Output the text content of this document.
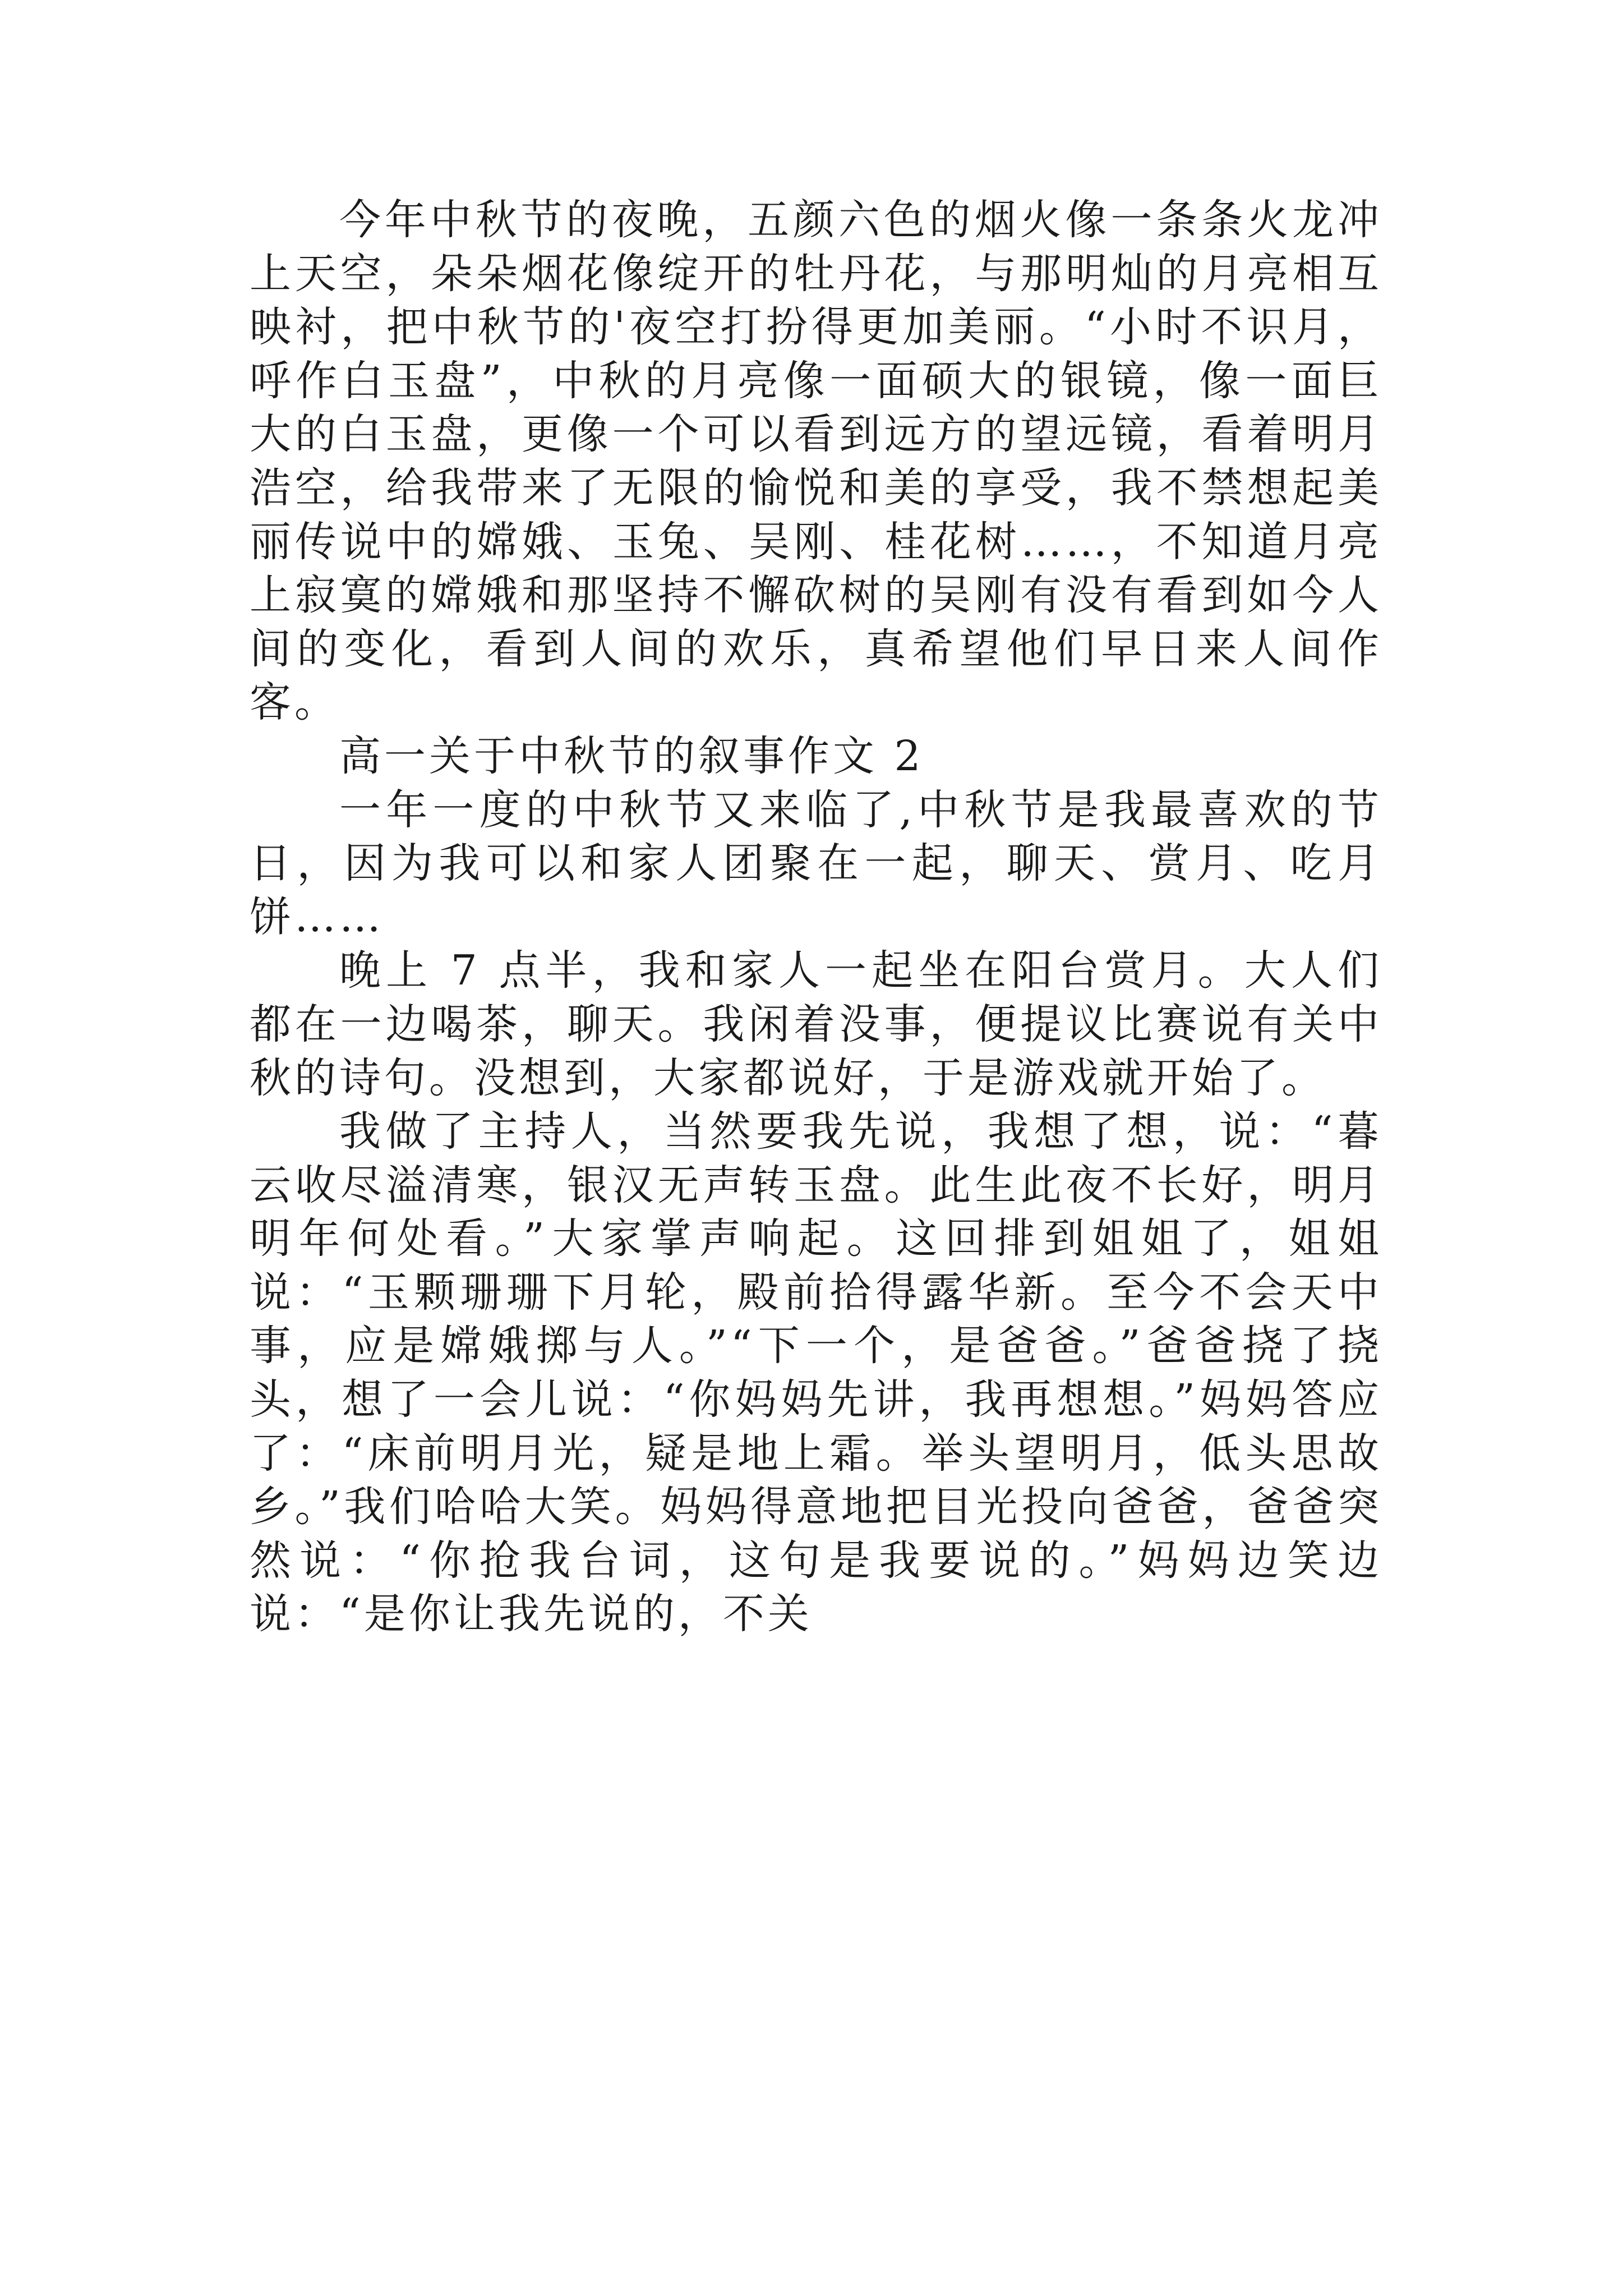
今年中秋节的夜晚，五颜六色的烟火像一条条火龙冲上天空，朵朵烟花像绽开的牡丹花，与那明灿的月亮相互映衬，把中秋节的'夜空打扮得更加美丽。“小时不识月，呼作白玉盘”，中秋的月亮像一面硕大的银镜，像一面巨大的白玉盘，更像一个可以看到远方的望远镜，看着明月浩空，给我带来了无限的愉悦和美的享受，我不禁想起美丽传说中的嫦娥、玉兔、吴刚、桂花树……，不知道月亮上寂寞的嫦娥和那坚持不懈砍树的吴刚有没有看到如今人间的变化，看到人间的欢乐，真希望他们早日来人间作客。

高一关于中秋节的叙事作文 2

一年一度的中秋节又来临了,中秋节是我最喜欢的节日，因为我可以和家人团聚在一起，聊天、赏月、吃月饼……

晚上 7 点半，我和家人一起坐在阳台赏月。大人们都在一边喝茶，聊天。我闲着没事，便提议比赛说有关中秋的诗句。没想到，大家都说好，于是游戏就开始了。

我做了主持人，当然要我先说，我想了想，说：“暮云收尽溢清寒，银汉无声转玉盘。此生此夜不长好，明月明年何处看。”大家掌声响起。这回排到姐姐了，姐姐说：“玉颗珊珊下月轮，殿前拾得露华新。至今不会天中事，应是嫦娥掷与人。”“下一个，是爸爸。”爸爸挠了挠头，想了一会儿说：“你妈妈先讲，我再想想。”妈妈答应了：“床前明月光，疑是地上霜。举头望明月，低头思故乡。”我们哈哈大笑。妈妈得意地把目光投向爸爸，爸爸突然说：“你抢我台词，这句是我要说的。”妈妈边笑边说：“是你让我先说的，不关
